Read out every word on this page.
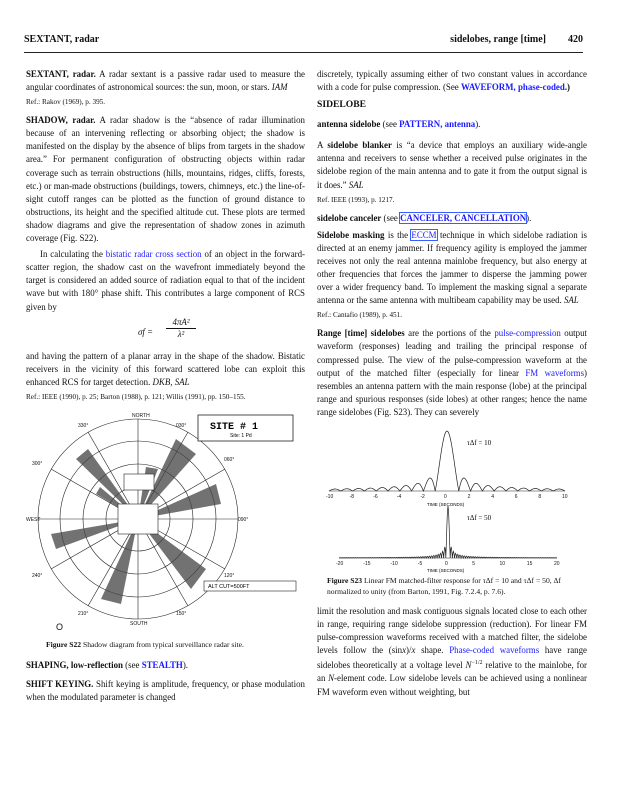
SEXTANT, radar	sidelobes, range [time] 420

SEXTANT, radar. A radar sextant is a passive radar used to measure the angular coordinates of astronomical sources: the sun, moon, or stars. IAM

Ref.: Rakov (1969), p. 395.

SHADOW, radar. A radar shadow is the “absence of radar illumination because of an intervening reflecting or absorbing object; the shadow is manifested on the display by the absence of blips from targets in the shadow area.” For permanent configuration of obstructing objects within radar coverage such as terrain obstructions (hills, mountains, ridges, cliffs, forests, etc.) or man-made obstructions (buildings, towers, chimneys, etc.) the line-of-sight cutoff ranges can be plotted as the function of ground distance to obstructions, its height and the specified altitude cut. These plots are termed shadow diagrams and give the representation of shadow zones in azimuth coverage (Fig. S22).

In calculating the bistatic radar cross section of an object in the forward-scatter region, the shadow cast on the wavefront immediately beyond the target is considered an added source of radiation equal to that of the incident wave but with 180° phase shift. This contributes a large component of RCS given by

$\sigma f = \frac{\text{4πA²}}{\text{λ²}}$

and having the pattern of a planar array in the shape of the shadow. Bistatic receivers in the vicinity of this forward scattered lobe can exploit this enhanced RCS for target detection. DKB, SAL

Ref.: IEEE (1990), p. 25; Barton (1988), p. 121; Willis (1991), pp. 150–155.
NORTH
030°
060°
090°
120°
150°
SOUTH
210°
240°
WEST
300°
330°	SITE # 1
Site: 1 Pd
ALT CUT=500FT
O
Figure S22 Shadow diagram from typical surveillance radar site.

SHAPING, low-reflection (see STEALTH).

SHIFT KEYING. Shift keying is amplitude, frequency, or phase modulation when the modulated parameter is changed

discretely, typically assuming either of two constant values in accordance with a code for pulse compression. (See WAVEFORM, phase-coded.)

SIDELOBE

antenna sidelobe (see PATTERN, antenna).

A sidelobe blanker is “a device that employs an auxiliary wide-angle antenna and receivers to sense whether a received pulse originates in the sidelobe region of the main antenna and to gate it from the output signal is it does.” SAL

Ref. IEEE (1993), p. 1217.

sidelobe canceler (see CANCELER, CANCELLATION).

Sidelobe masking is the ECCM technique in which sidelobe radiation is directed at an enemy jammer. If frequency agility is employed the jammer receives not only the real antenna mainlobe frequency, but also energy at other frequencies that forces the jammer to disperse the jamming power over a wider frequency band. To implement the masking signal a separate antenna or the same antenna with multibeam capability may be used. SAL

Ref.: Cantafio (1989), p. 451.

Range [time] sidelobes are the portions of the pulse-compression output waveform (responses) leading and trailing the principal response of compressed pulse. The view of the pulse-compression waveform at the output of the matched filter (especially for linear FM waveforms) resembles an antenna pattern with the main response (lobe) at the principal range and spurious responses (side lobes) at other ranges; hence the name range sidelobes (Fig. S23). They can severely

-10	-8	-6	-4	-2	0	2	4	6	8	10
-20	-15	-10	-5	0	5	10	15	20
τΔf = 10
τΔf = 50
TIME (SECONDS)
TIME (SECONDS)
Figure S23 Linear FM matched-filter response for τΔf = 10 and τΔf = 50, Δf normalized to unity (from Barton, 1991, Fig. 7.2.4, p. 7.6).

limit the resolution and mask contiguous signals located close to each other in range, requiring range sidelobe suppression (reduction). For linear FM pulse-compression waveforms received with a matched filter, the sidelobe levels follow the (sinx)/x shape. Phase-coded waveforms have range sidelobes theoretically at a voltage level $N^{-1/2}$ relative to the mainlobe, for an N-element code. Low sidelobe levels can be achieved using a nonlinear FM waveform even without weighting, but
